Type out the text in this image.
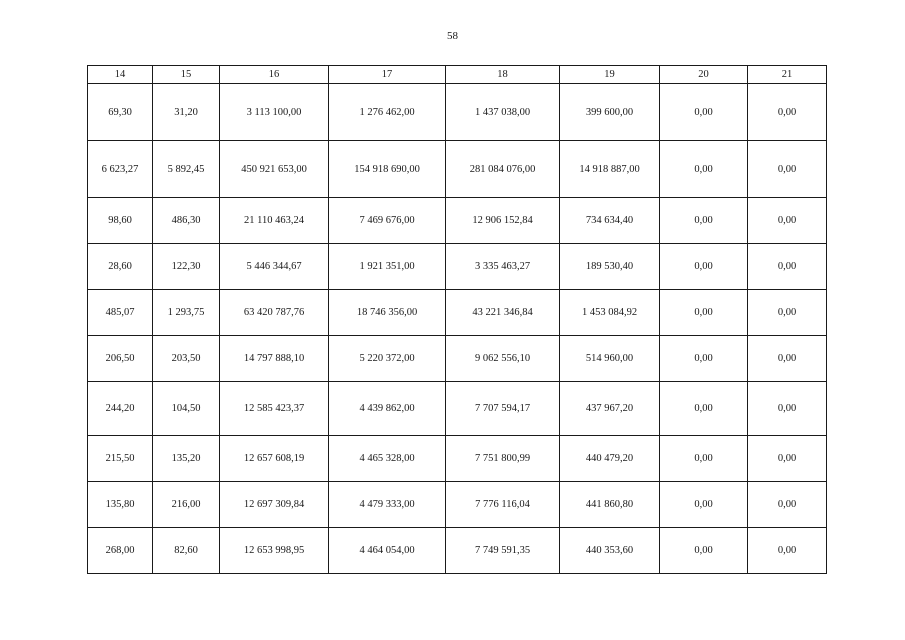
58
14	15	16	17	18	19	20	21
69,30	31,20	3 113 100,00	1 276 462,00	1 437 038,00	399 600,00	0,00	0,00
6 623,27	5 892,45	450 921 653,00	154 918 690,00	281 084 076,00	14 918 887,00	0,00	0,00
98,60	486,30	21 110 463,24	7 469 676,00	12 906 152,84	734 634,40	0,00	0,00
28,60	122,30	5 446 344,67	1 921 351,00	3 335 463,27	189 530,40	0,00	0,00
485,07	1 293,75	63 420 787,76	18 746 356,00	43 221 346,84	1 453 084,92	0,00	0,00
206,50	203,50	14 797 888,10	5 220 372,00	9 062 556,10	514 960,00	0,00	0,00
244,20	104,50	12 585 423,37	4 439 862,00	7 707 594,17	437 967,20	0,00	0,00
215,50	135,20	12 657 608,19	4 465 328,00	7 751 800,99	440 479,20	0,00	0,00
135,80	216,00	12 697 309,84	4 479 333,00	7 776 116,04	441 860,80	0,00	0,00
268,00	82,60	12 653 998,95	4 464 054,00	7 749 591,35	440 353,60	0,00	0,00
